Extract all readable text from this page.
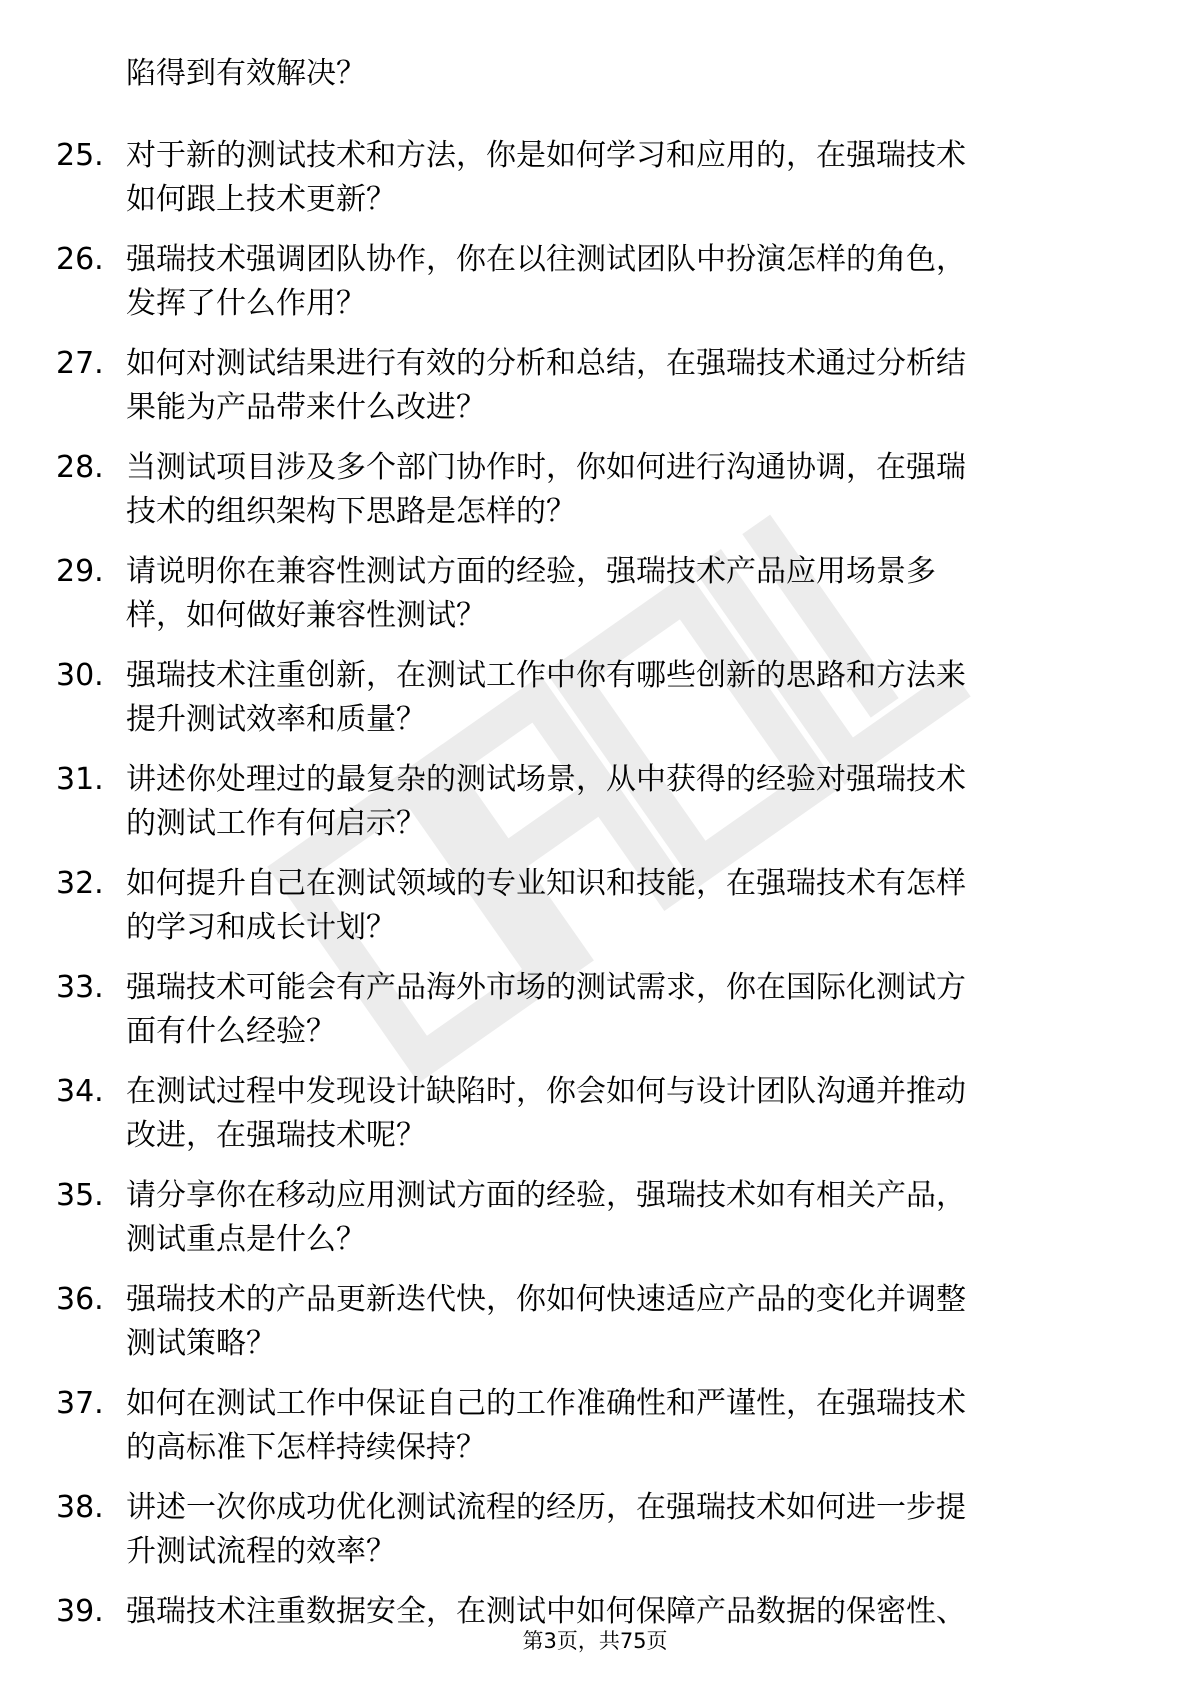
陷得到有效解决？
25. 对于新的测试技术和方法，你是如何学习和应用的，在强瑞技术
如何跟上技术更新？
26. 强瑞技术强调团队协作，你在以往测试团队中扮演怎样的角色，
发挥了什么作用？
27. 如何对测试结果进行有效的分析和总结，在强瑞技术通过分析结
果能为产品带来什么改进？
28. 当测试项目涉及多个部门协作时，你如何进行沟通协调，在强瑞
技术的组织架构下思路是怎样的？
29. 请说明你在兼容性测试方面的经验，强瑞技术产品应用场景多
样，如何做好兼容性测试？
30. 强瑞技术注重创新，在测试工作中你有哪些创新的思路和方法来
提升测试效率和质量？
31. 讲述你处理过的最复杂的测试场景，从中获得的经验对强瑞技术
的测试工作有何启示？
32. 如何提升自己在测试领域的专业知识和技能，在强瑞技术有怎样
的学习和成长计划？
33. 强瑞技术可能会有产品海外市场的测试需求，你在国际化测试方
面有什么经验？
34. 在测试过程中发现设计缺陷时，你会如何与设计团队沟通并推动
改进，在强瑞技术呢？
35. 请分享你在移动应用测试方面的经验，强瑞技术如有相关产品，
测试重点是什么？
36. 强瑞技术的产品更新迭代快，你如何快速适应产品的变化并调整
测试策略？
37. 如何在测试工作中保证自己的工作准确性和严谨性，在强瑞技术
的高标准下怎样持续保持？
38. 讲述一次你成功优化测试流程的经历，在强瑞技术如何进一步提
升测试流程的效率？
39. 强瑞技术注重数据安全，在测试中如何保障产品数据的保密性、
第3页，共75页
